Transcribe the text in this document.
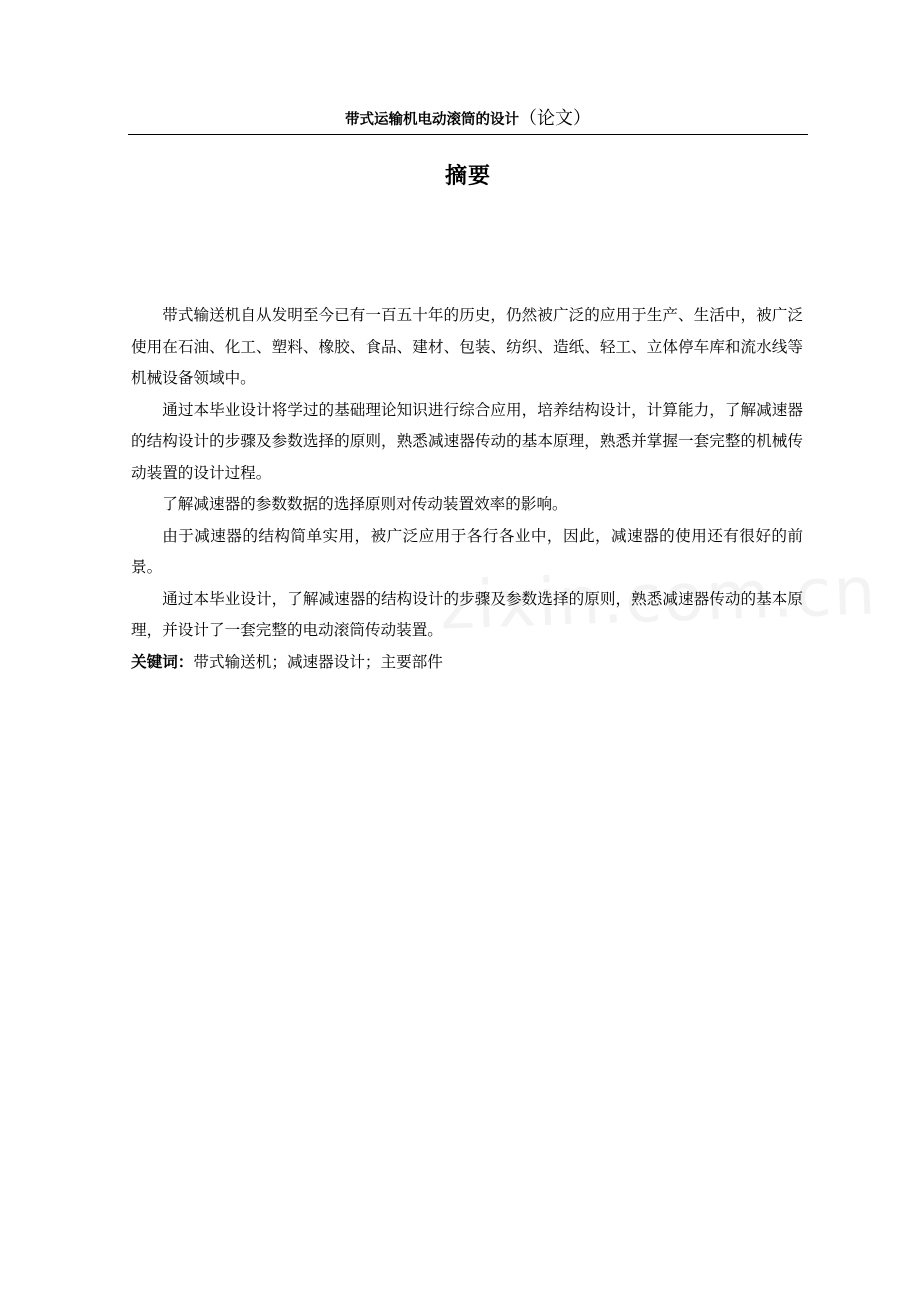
带式运输机电动滚筒的设计（论文）
摘要

带式输送机自从发明至今已有一百五十年的历史，仍然被广泛的应用于生产、生活中，被广泛使用在石油、化工、塑料、橡胶、食品、建材、包装、纺织、造纸、轻工、立体停车库和流水线等机械设备领域中。

通过本毕业设计将学过的基础理论知识进行综合应用，培养结构设计，计算能力，了解减速器的结构设计的步骤及参数选择的原则，熟悉减速器传动的基本原理，熟悉并掌握一套完整的机械传动装置的设计过程。

了解减速器的参数数据的选择原则对传动装置效率的影响。

由于减速器的结构简单实用，被广泛应用于各行各业中，因此，减速器的使用还有很好的前景。

通过本毕业设计，了解减速器的结构设计的步骤及参数选择的原则，熟悉减速器传动的基本原理，并设计了一套完整的电动滚筒传动装置。

关键词：带式输送机；减速器设计；主要部件
